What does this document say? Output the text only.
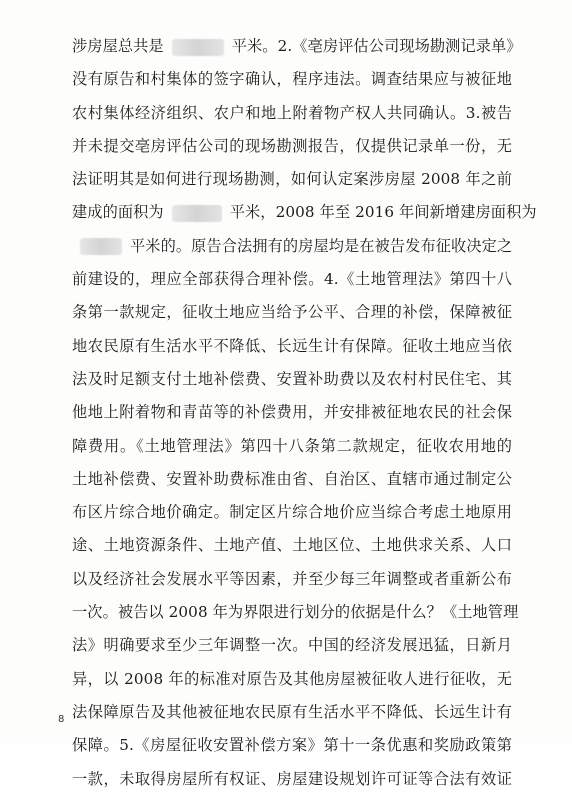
涉房屋总共是	平米。2.《亳房评估公司现场勘测记录单》
没有原告和村集体的签字确认，程序违法。调查结果应与被征地
农村集体经济组织、农户和地上附着物产权人共同确认。3.被告
并未提交亳房评估公司的现场勘测报告，仅提供记录单一份，无
法证明其是如何进行现场勘测，如何认定案涉房屋 2008 年之前
建成的面积为	平米，2008 年至 2016 年间新增建房面积为
平米的。原告合法拥有的房屋均是在被告发布征收决定之
前建设的，理应全部获得合理补偿。4.《土地管理法》第四十八
条第一款规定，征收土地应当给予公平、合理的补偿，保障被征
地农民原有生活水平不降低、长远生计有保障。征收土地应当依
法及时足额支付土地补偿费、安置补助费以及农村村民住宅、其
他地上附着物和青苗等的补偿费用，并安排被征地农民的社会保
障费用。《土地管理法》第四十八条第二款规定，征收农用地的
土地补偿费、安置补助费标准由省、自治区、直辖市通过制定公
布区片综合地价确定。制定区片综合地价应当综合考虑土地原用
途、土地资源条件、土地产值、土地区位、土地供求关系、人口
以及经济社会发展水平等因素，并至少每三年调整或者重新公布
一次。被告以 2008 年为界限进行划分的依据是什么？《土地管理
法》明确要求至少三年调整一次。中国的经济发展迅猛，日新月
异，以 2008 年的标准对原告及其他房屋被征收人进行征收，无
法保障原告及其他被征地农民原有生活水平不降低、长远生计有
保障。5.《房屋征收安置补偿方案》第十一条优惠和奖励政策第
一款，未取得房屋所有权证、房屋建设规划许可证等合法有效证
8
